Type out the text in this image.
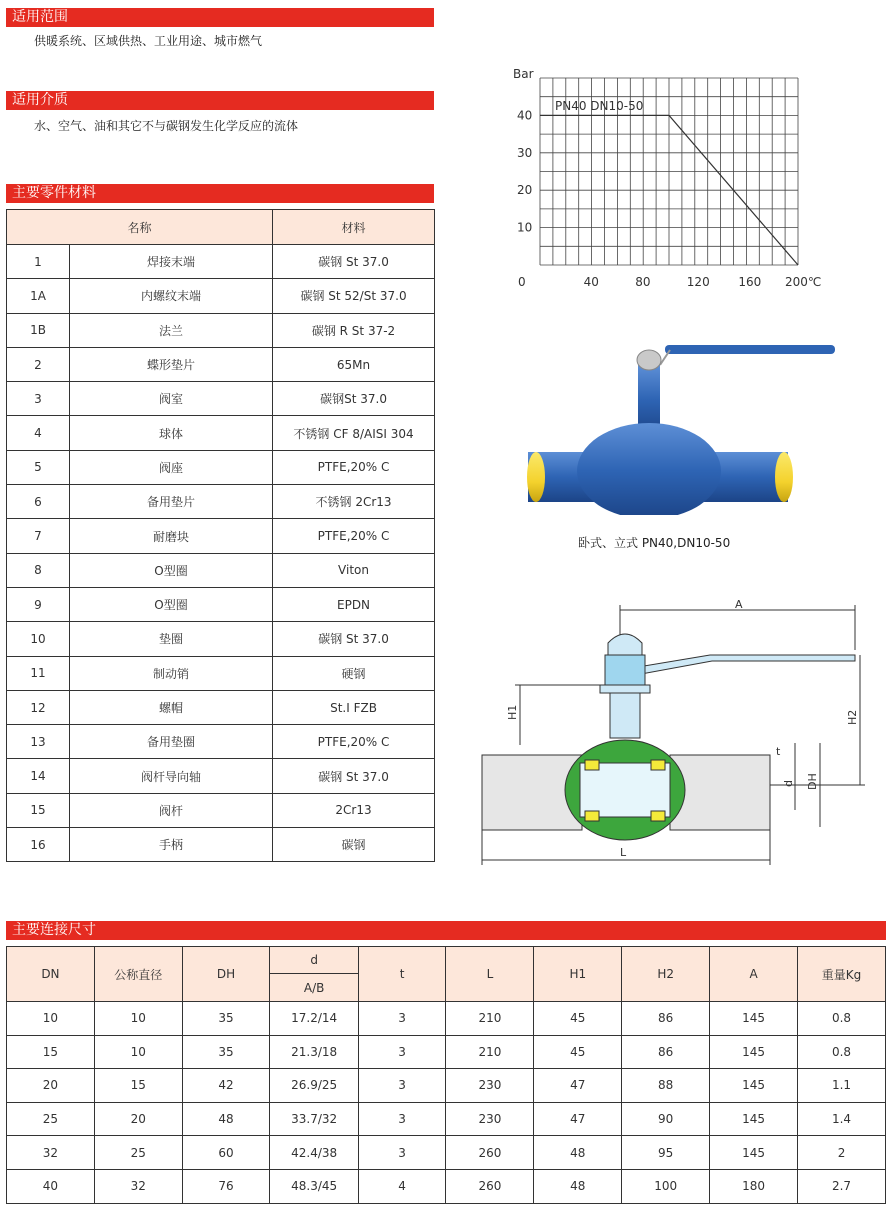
适用范围
供暖系统、区域供热、工业用途、城市燃气
适用介质
水、空气、油和其它不与碳钢发生化学反应的流体
主要零件材料
名称		材料
1	焊接末端	碳钢 St 37.0
1A	内螺纹末端	碳钢 St 52/St 37.0
1B	法兰	碳钢 R St 37-2
2	蝶形垫片	65Mn
3	阀室	碳钢St 37.0
4	球体	不锈钢 CF 8/AISI 304
5	阀座	PTFE,20% C
6	备用垫片	不锈钢 2Cr13
7	耐磨块	PTFE,20% C
8	O型圈	Viton
9	O型圈	EPDN
10	垫圈	碳钢 St 37.0
11	制动销	硬钢
12	螺帽	St.I FZB
13	备用垫圈	PTFE,20% C
14	阀杆导向轴	碳钢 St 37.0
15	阀杆	2Cr13
16	手柄	碳钢
0	40	80	120 160
10
20
30
40
Bar
PN40 DN10-50
200℃
卧式、立式 PN40,DN10-50
A
H1	H2
t
d DH
L
主要连接尺寸
DN	公称直径	DH	d	t	L	H1	H2	A	重量Kg
			A/B						
10	10	35	17.2/14	3	210	45	86	145	0.8
15	10	35	21.3/18	3	210	45	86	145	0.8
20	15	42	26.9/25	3	230	47	88	145	1.1
25	20	48	33.7/32	3	230	47	90	145	1.4
32	25	60	42.4/38	3	260	48	95	145	2
40	32	76	48.3/45	4	260	48	100	180	2.7
